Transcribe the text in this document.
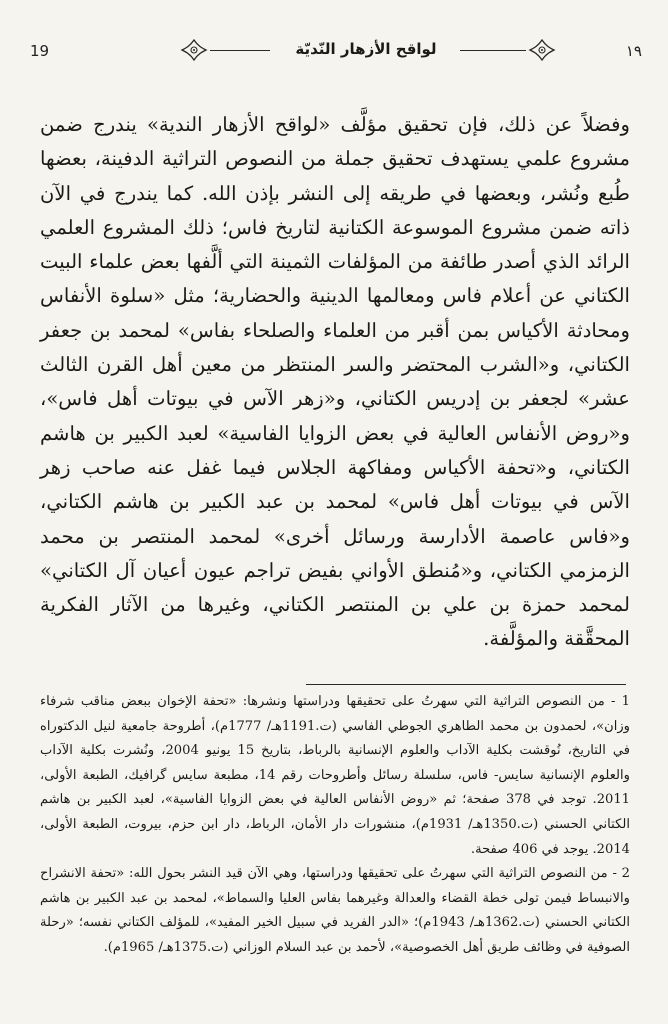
19	لواقح الأزهار النّديّة	١٩

وفضلاً عن ذلك، فإن تحقيق مؤلَّف «لواقح الأزهار الندية» يندرج ضمن مشروع علمي يستهدف تحقيق جملة من النصوص التراثية الدفينة، بعضها طُبع ونُشر، وبعضها في طريقه إلى النشر بإذن الله. كما يندرج في الآن ذاته ضمن مشروع الموسوعة الكتانية لتاريخ فاس؛ ذلك المشروع العلمي الرائد الذي أصدر طائفة من المؤلفات الثمينة التي ألَّفها بعض علماء البيت الكتاني عن أعلام فاس ومعالمها الدينية والحضارية؛ مثل «سلوة الأنفاس ومحادثة الأكياس بمن أقبر من العلماء والصلحاء بفاس» لمحمد بن جعفر الكتاني، و«الشرب المحتضر والسر المنتظر من معين أهل القرن الثالث عشر» لجعفر بن إدريس الكتاني، و«زهر الآس في بيوتات أهل فاس»، و«روض الأنفاس العالية في بعض الزوايا الفاسية» لعبد الكبير بن هاشم الكتاني، و«تحفة الأكياس ومفاكهة الجلاس فيما غفل عنه صاحب زهر الآس في بيوتات أهل فاس» لمحمد بن عبد الكبير بن هاشم الكتاني، و«فاس عاصمة الأدارسة ورسائل أخرى» لمحمد المنتصر بن محمد الزمزمي الكتاني، و«مُنطق الأواني بفيض تراجم عيون أعيان آل الكتاني» لمحمد حمزة بن علي بن المنتصر الكتاني، وغيرها من الآثار الفكرية المحقَّقة والمؤلَّفة.

1 - من النصوص التراثية التي سهرتُ على تحقيقها ودراستها ونشرها: «تحفة الإخوان ببعض مناقب شرفاء وزان»، لحمدون بن محمد الطاهري الجوطي الفاسي (ت.1191هـ/ 1777م)، أطروحة جامعية لنيل الدكتوراه في التاريخ، نُوقشت بكلية الآداب والعلوم الإنسانية بالرباط، بتاريخ 15 يونيو 2004، ونُشرت بكلية الآداب والعلوم الإنسانية سايس- فاس، سلسلة رسائل وأطروحات رقم 14، مطبعة سايس گرافيك، الطبعة الأولى، 2011. توجد في 378 صفحة؛ ثم «روض الأنفاس العالية في بعض الزوايا الفاسية»، لعبد الكبير بن هاشم الكتاني الحسني (ت.1350هـ/ 1931م)، منشورات دار الأمان، الرباط، دار ابن حزم، بيروت، الطبعة الأولى، 2014. يوجد في 406 صفحة.

2 - من النصوص التراثية التي سهرتُ على تحقيقها ودراستها، وهي الآن قيد النشر بحول الله: «تحفة الانشراح والانبساط فيمن تولى خطة القضاء والعدالة وغيرهما بفاس العليا والسماط»، لمحمد بن عبد الكبير بن هاشم الكتاني الحسني (ت.1362هـ/ 1943م)؛ «الدر الفريد في سبيل الخير المفيد»، للمؤلف الكتاني نفسه؛ «رحلة الصوفية في وظائف طريق أهل الخصوصية»، لأحمد بن عبد السلام الوزاني (ت.1375هـ/ 1965م).
